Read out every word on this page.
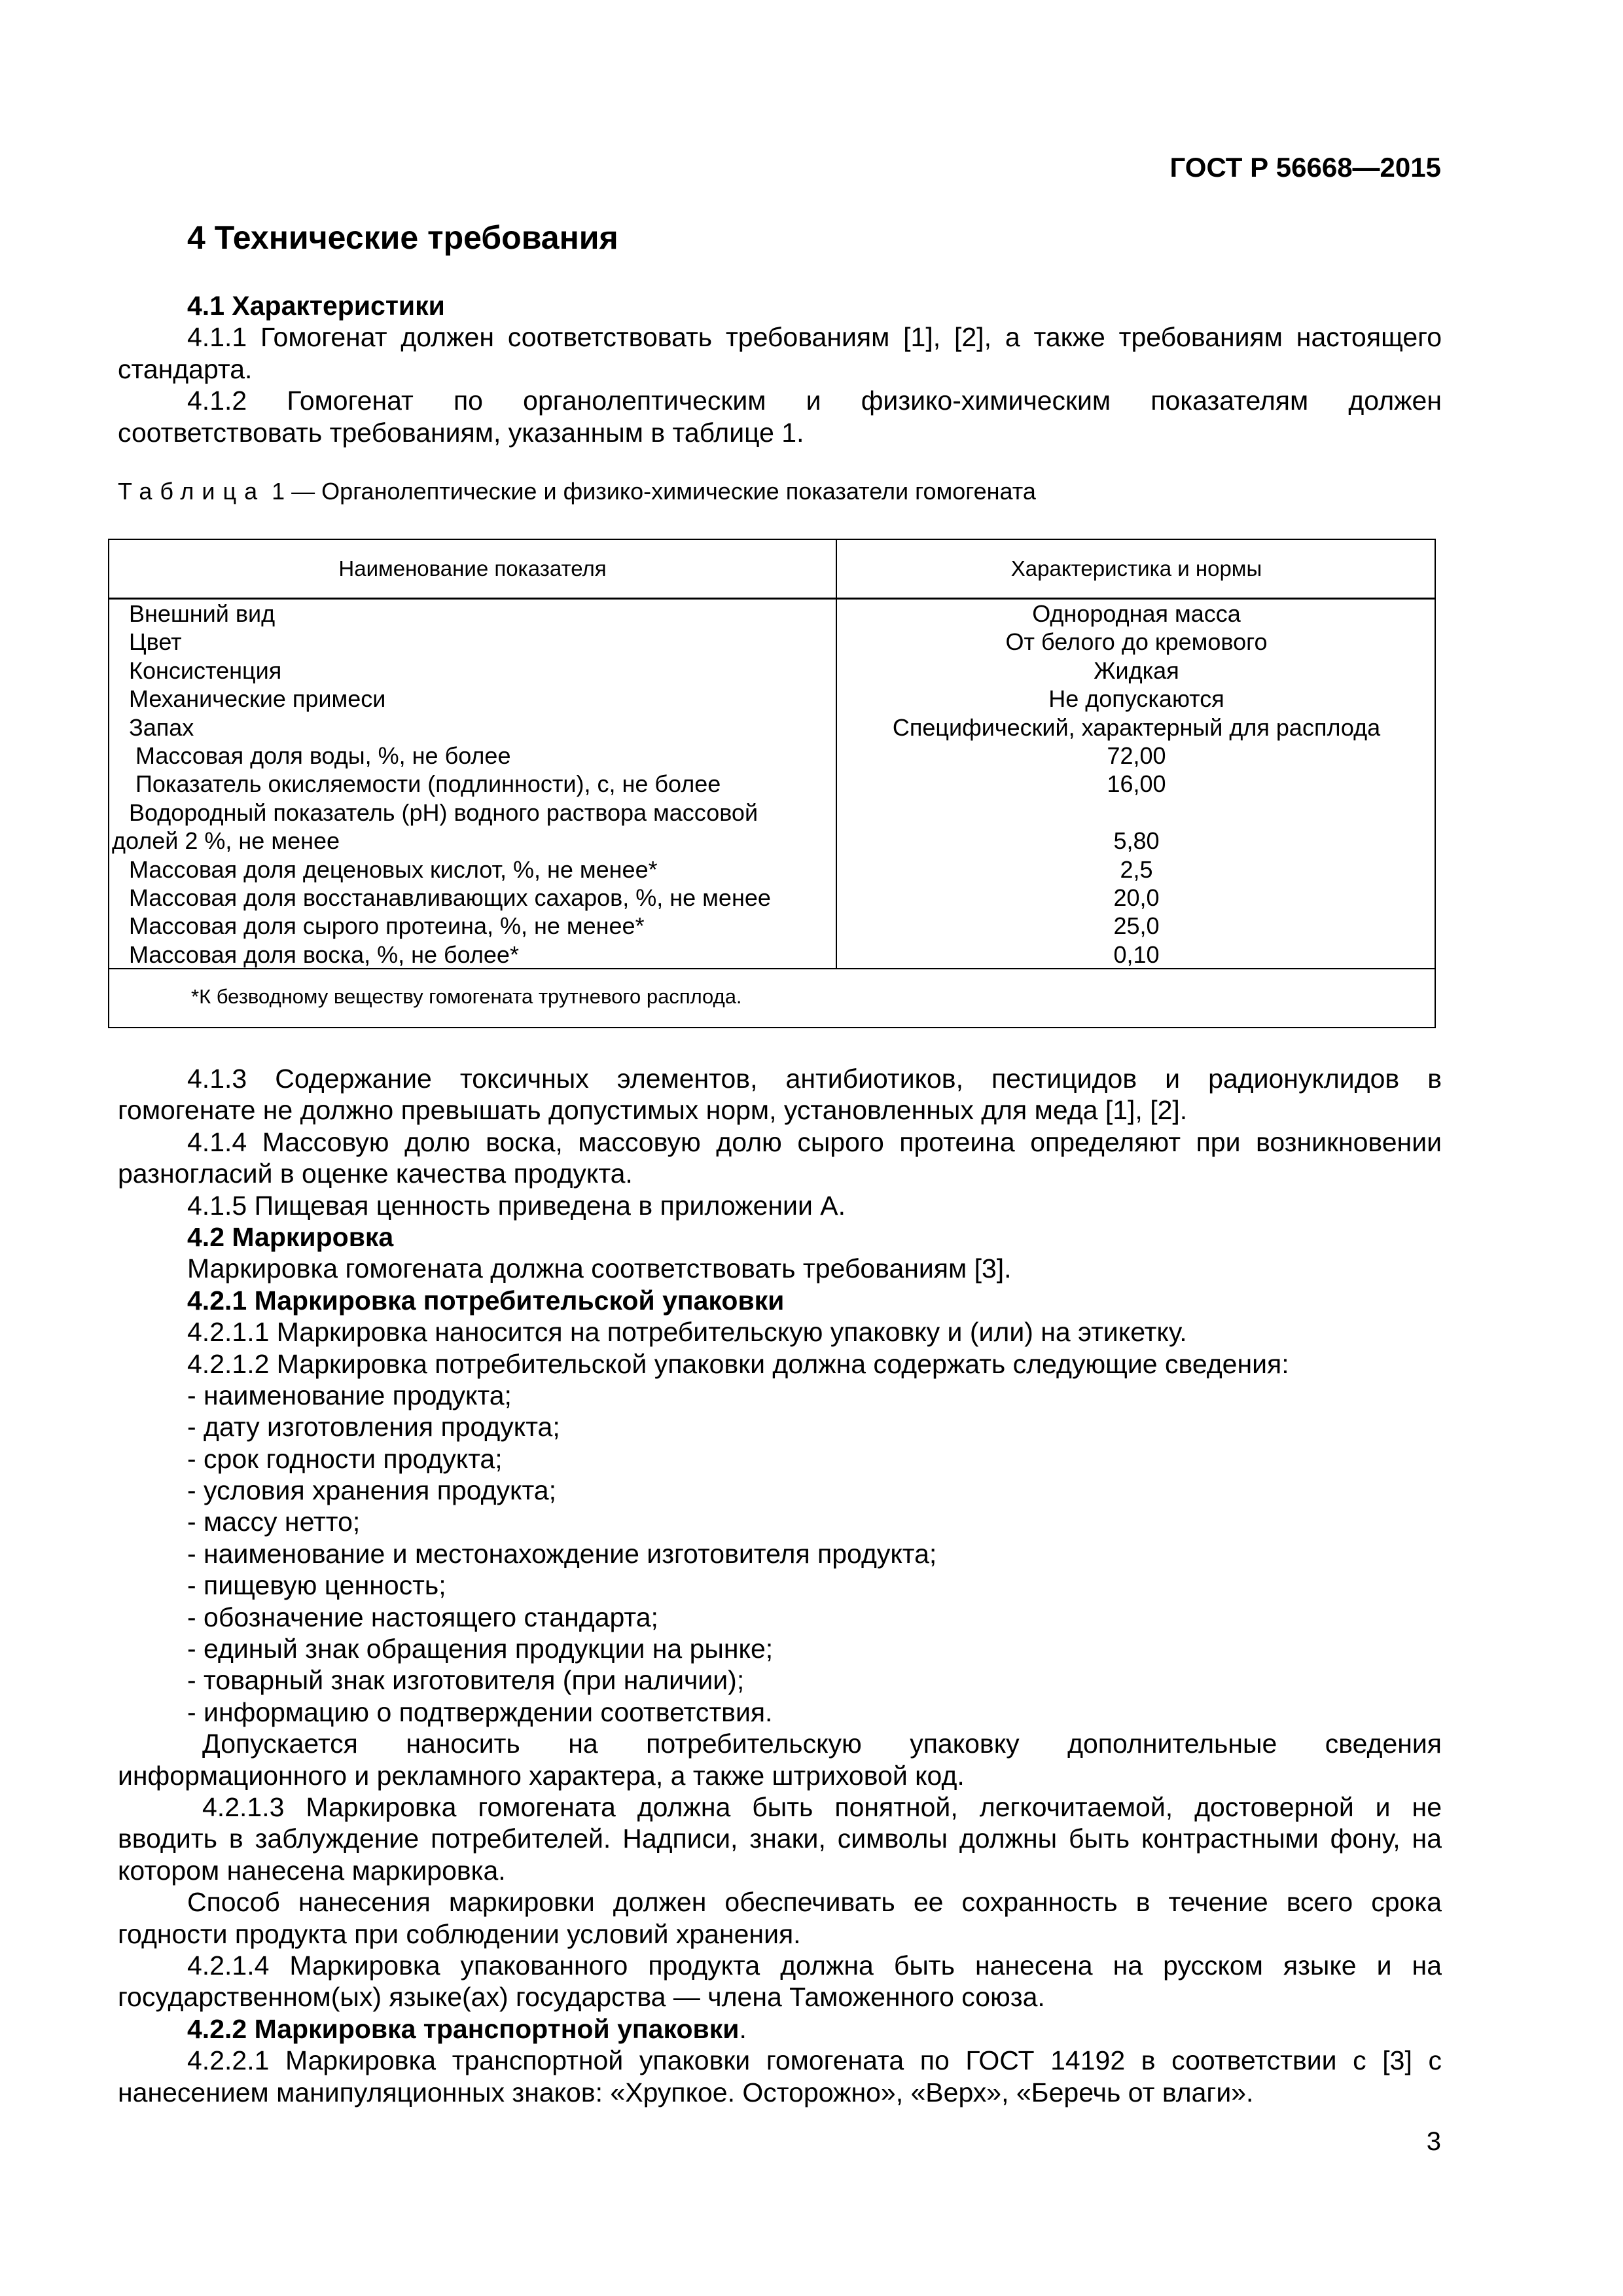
ГОСТ Р 56668—2015
4 Технические требования
4.1 Характеристики
4.1.1 Гомогенат должен соответствовать требованиям [1], [2], а также требованиям настоящего
стандарта.
4.1.2 Гомогенат по органолептическим и физико-химическим показателям должен
соответствовать требованиям, указанным в таблице 1.
Таблица 1 — Органолептические и физико-химические показатели гомогената
Наименование показателя	Характеристика и нормы
Внешний вид	Однородная масса
Цвет	От белого до кремового
Консистенция	Жидкая
Механические примеси	Не допускаются
Запах	Специфический, характерный для расплода
Массовая доля воды, %, не более	72,00
Показатель окисляемости (подлинности), с, не более	16,00
Водородный показатель (рН) водного раствора массовой
долей 2 %, не менее	5,80
Массовая доля деценовых кислот, %, не менее*	2,5
Массовая доля восстанавливающих сахаров, %, не менее	20,0
Массовая доля сырого протеина, %, не менее*	25,0
Массовая доля воска, %, не более*	0,10
*К безводному веществу гомогената трутневого расплода.
4.1.3 Содержание токсичных элементов, антибиотиков, пестицидов и радионуклидов в
гомогенате не должно превышать допустимых норм, установленных для меда [1], [2].
4.1.4 Массовую долю воска, массовую долю сырого протеина определяют при возникновении
разногласий в оценке качества продукта.
4.1.5 Пищевая ценность приведена в приложении А.
4.2 Маркировка
Маркировка гомогената должна соответствовать требованиям [3].
4.2.1 Маркировка потребительской упаковки
4.2.1.1 Маркировка наносится на потребительскую упаковку и (или) на этикетку.
4.2.1.2 Маркировка потребительской упаковки должна содержать следующие сведения:
- наименование продукта;
- дату изготовления продукта;
- срок годности продукта;
- условия хранения продукта;
- массу нетто;
- наименование и местонахождение изготовителя продукта;
- пищевую ценность;
- обозначение настоящего стандарта;
- единый знак обращения продукции на рынке;
- товарный знак изготовителя (при наличии);
- информацию о подтверждении соответствия.
Допускается наносить на потребительскую упаковку дополнительные сведения
информационного и рекламного характера, а также штриховой код.
4.2.1.3 Маркировка гомогената должна быть понятной, легкочитаемой, достоверной и не
вводить в заблуждение потребителей. Надписи, знаки, символы должны быть контрастными фону, на
котором нанесена маркировка.
Способ нанесения маркировки должен обеспечивать ее сохранность в течение всего срока
годности продукта при соблюдении условий хранения.
4.2.1.4 Маркировка упакованного продукта должна быть нанесена на русском языке и на
государственном(ых) языке(ах) государства — члена Таможенного союза.
4.2.2 Маркировка транспортной упаковки.
4.2.2.1 Маркировка транспортной упаковки гомогената по ГОСТ 14192 в соответствии с [3] с
нанесением манипуляционных знаков: «Хрупкое. Осторожно», «Верх», «Беречь от влаги».
3
